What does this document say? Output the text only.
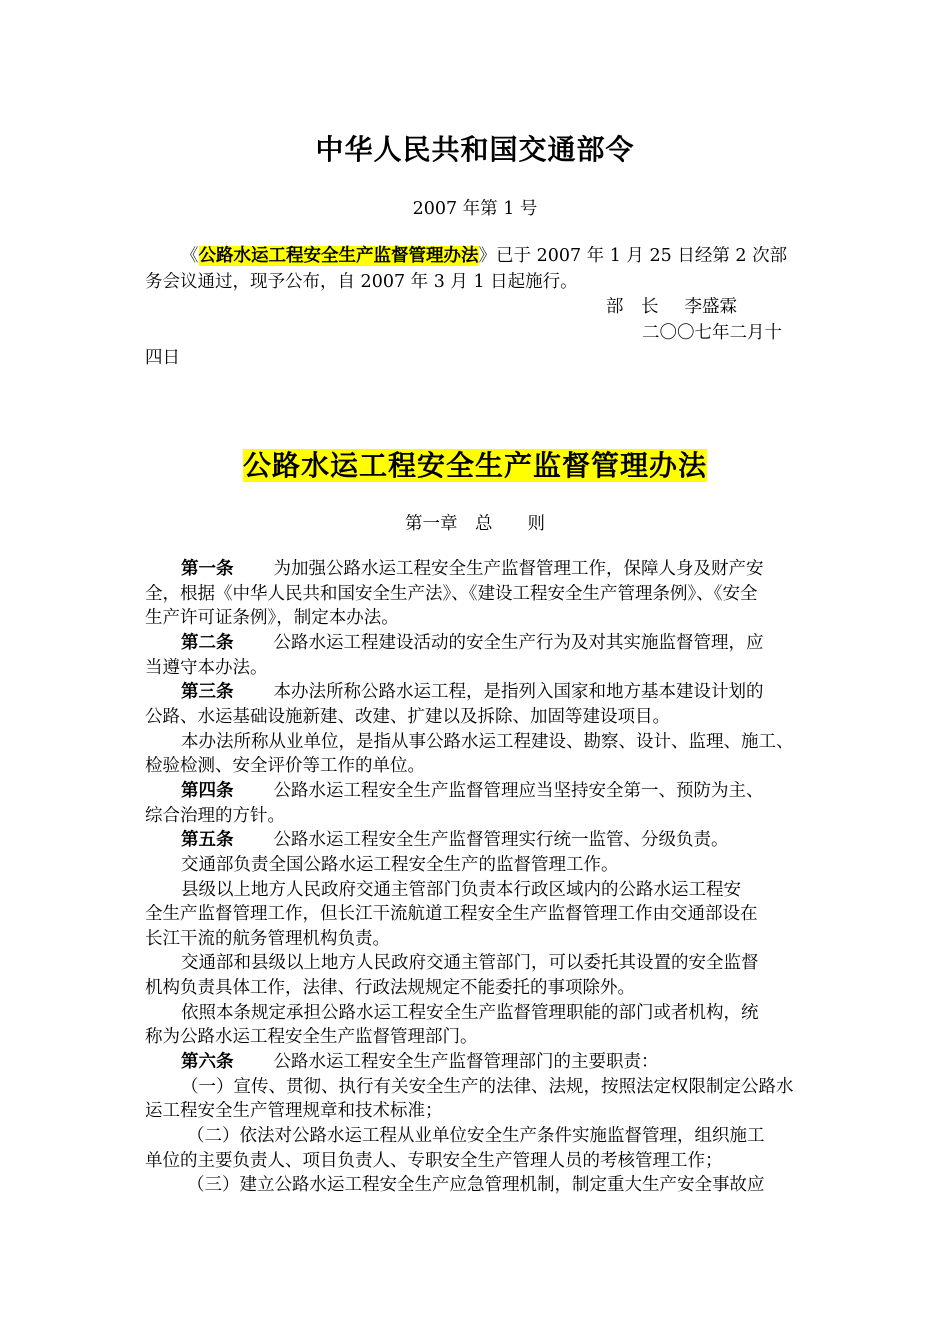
中华人民共和国交通部令
2007 年第 1 号
《公路水运工程安全生产监督管理办法》已于 2007 年 1 月 25 日经第 2 次部
务会议通过，现予公布，自 2007 年 3 月 1 日起施行。
部　长 李盛霖
二〇〇七年二月十
四日
公路水运工程安全生产监督管理办法
第一章　总　　则
第一条 为加强公路水运工程安全生产监督管理工作，保障人身及财产安
全，根据《中华人民共和国安全生产法》、《建设工程安全生产管理条例》、《安全
生产许可证条例》，制定本办法。
第二条 公路水运工程建设活动的安全生产行为及对其实施监督管理，应
当遵守本办法。
第三条 本办法所称公路水运工程，是指列入国家和地方基本建设计划的
公路、水运基础设施新建、改建、扩建以及拆除、加固等建设项目。
本办法所称从业单位，是指从事公路水运工程建设、勘察、设计、监理、施工、
检验检测、安全评价等工作的单位。
第四条 公路水运工程安全生产监督管理应当坚持安全第一、预防为主、
综合治理的方针。
第五条 公路水运工程安全生产监督管理实行统一监管、分级负责。
交通部负责全国公路水运工程安全生产的监督管理工作。
县级以上地方人民政府交通主管部门负责本行政区域内的公路水运工程安
全生产监督管理工作，但长江干流航道工程安全生产监督管理工作由交通部设在
长江干流的航务管理机构负责。
交通部和县级以上地方人民政府交通主管部门，可以委托其设置的安全监督
机构负责具体工作，法律、行政法规规定不能委托的事项除外。
依照本条规定承担公路水运工程安全生产监督管理职能的部门或者机构，统
称为公路水运工程安全生产监督管理部门。
第六条 公路水运工程安全生产监督管理部门的主要职责：
（一）宣传、贯彻、执行有关安全生产的法律、法规，按照法定权限制定公路水
运工程安全生产管理规章和技术标准；
（二）依法对公路水运工程从业单位安全生产条件实施监督管理，组织施工
单位的主要负责人、项目负责人、专职安全生产管理人员的考核管理工作；
（三）建立公路水运工程安全生产应急管理机制，制定重大生产安全事故应
